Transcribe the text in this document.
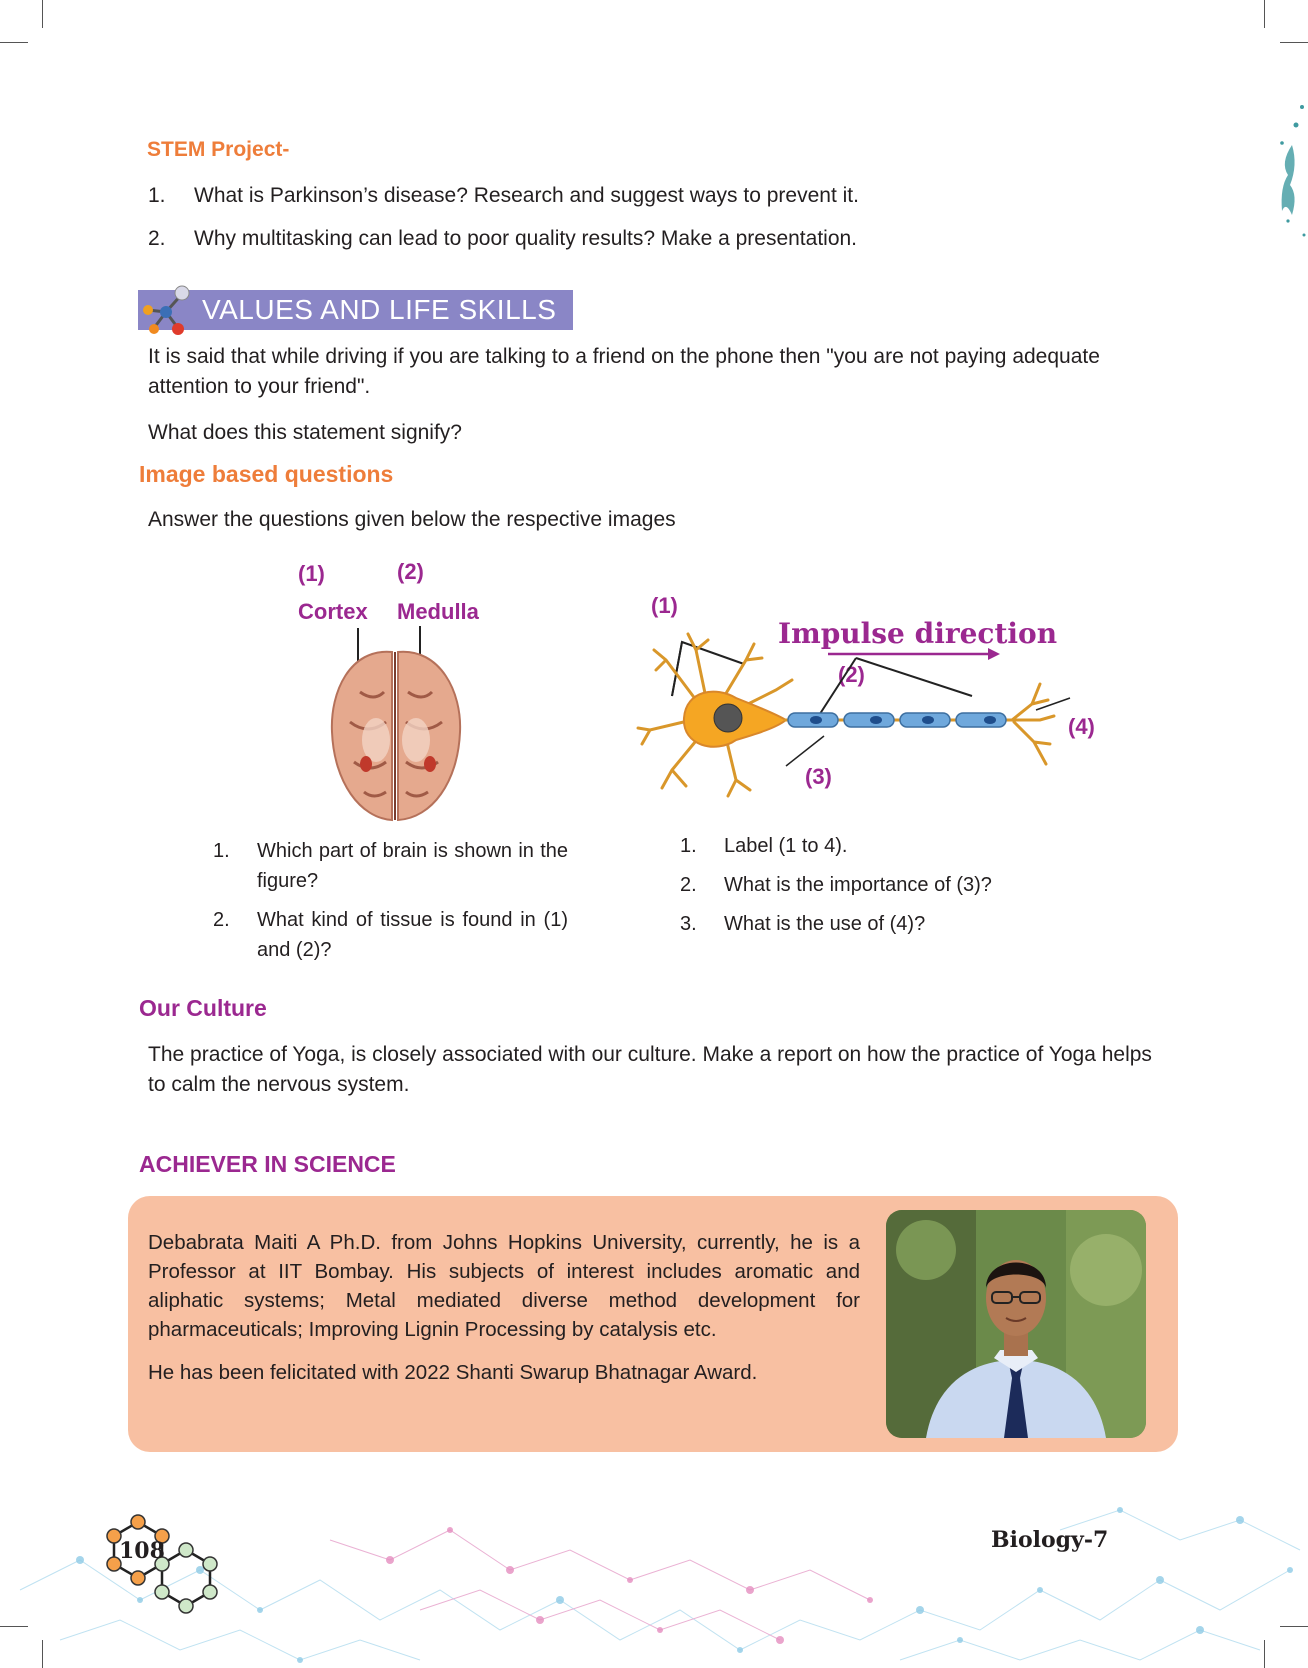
STEM Project-
1. What is Parkinson’s disease? Research and suggest ways to prevent it.
2. Why multitasking can lead to poor quality results? Make a presentation.
VALUES AND LIFE SKILLS
It is said that while driving if you are talking to a friend on the phone then "you are not paying adequate attention to your friend".
What does this statement signify?
Image based questions
Answer the questions given below the respective images
(1)	(2)
Cortex Medulla
1. Which part of brain is shown in the figure?
2. What kind of tissue is found in (1) and (2)?
(1)
Impulse direction
(2)
(3)
(4)
1. Label (1 to 4).
2. What is the importance of (3)?
3. What is the use of (4)?
Our Culture
The practice of Yoga, is closely associated with our culture. Make a report on how the practice of Yoga helps to calm the nervous system.
ACHIEVER IN SCIENCE
Debabrata Maiti A Ph.D. from Johns Hopkins University, currently, he is a Professor at IIT Bombay. His subjects of interest includes aromatic and aliphatic systems; Metal mediated diverse method development for pharmaceuticals; Improving Lignin Processing by catalysis etc.
He has been felicitated with 2022 Shanti Swarup Bhatnagar Award.
108	Biology-7
